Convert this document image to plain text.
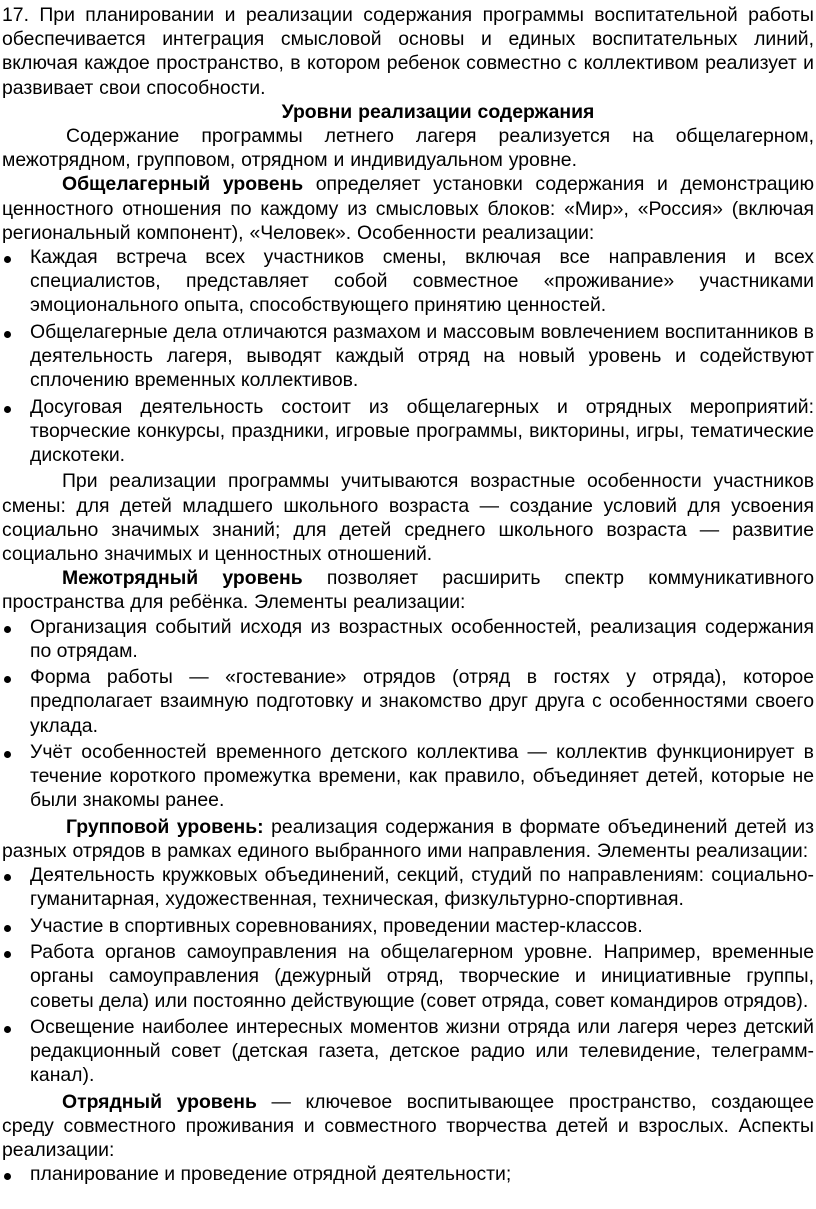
17. При планировании и реализации содержания программы воспитательной работы обеспечивается интеграция смысловой основы и единых воспитательных линий, включая каждое пространство, в котором ребенок совместно с коллективом реализует и развивает свои способности.

Уровни реализации содержания

Содержание программы летнего лагеря реализуется на общелагерном, межотрядном, групповом, отрядном и индивидуальном уровне.

Общелагерный уровень определяет установки содержания и демонстрацию ценностного отношения по каждому из смысловых блоков: «Мир», «Россия» (включая региональный компонент), «Человек». Особенности реализации:

Каждая встреча всех участников смены, включая все направления и всех специалистов, представляет собой совместное «проживание» участниками эмоционального опыта, способствующего принятию ценностей.
Общелагерные дела отличаются размахом и массовым вовлечением воспитанников в деятельность лагеря, выводят каждый отряд на новый уровень и содействуют сплочению временных коллективов.
Досуговая деятельность состоит из общелагерных и отрядных мероприятий: творческие конкурсы, праздники, игровые программы, викторины, игры, тематические дискотеки.

При реализации программы учитываются возрастные особенности участников смены: для детей младшего школьного возраста — создание условий для усвоения социально значимых знаний; для детей среднего школьного возраста — развитие социально значимых и ценностных отношений.

Межотрядный уровень позволяет расширить спектр коммуникативного пространства для ребёнка. Элементы реализации:

Организация событий исходя из возрастных особенностей, реализация содержания по отрядам.
Форма работы — «гостевание» отрядов (отряд в гостях у отряда), которое предполагает взаимную подготовку и знакомство друг друга с особенностями своего уклада.
Учёт особенностей временного детского коллектива — коллектив функционирует в течение короткого промежутка времени, как правило, объединяет детей, которые не были знакомы ранее.

Групповой уровень: реализация содержания в формате объединений детей из разных отрядов в рамках единого выбранного ими направления. Элементы реализации:

Деятельность кружковых объединений, секций, студий по направлениям: социально-гуманитарная, художественная, техническая, физкультурно-спортивная.
Участие в спортивных соревнованиях, проведении мастер-классов.
Работа органов самоуправления на общелагерном уровне. Например, временные органы самоуправления (дежурный отряд, творческие и инициативные группы, советы дела) или постоянно действующие (совет отряда, совет командиров отрядов).
Освещение наиболее интересных моментов жизни отряда или лагеря через детский редакционный совет (детская газета, детское радио или телевидение, телеграмм-канал).

Отрядный уровень — ключевое воспитывающее пространство, создающее среду совместного проживания и совместного творчества детей и взрослых. Аспекты реализации:

планирование и проведение отрядной деятельности;
